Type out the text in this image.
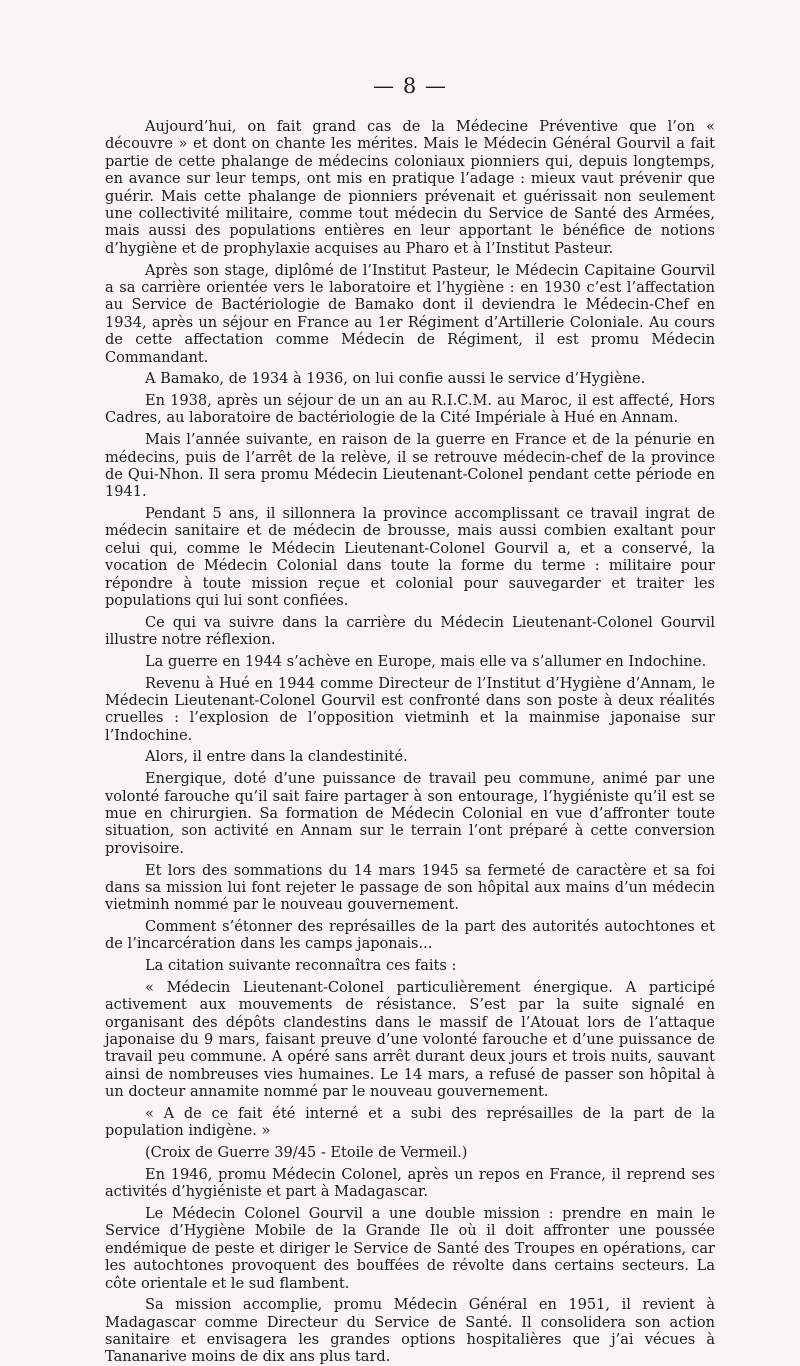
— 8 —

Aujourd’hui, on fait grand cas de la Médecine Préventive que l’on « découvre » et dont on chante les mérites. Mais le Médecin Général Gourvil a fait partie de cette phalange de médecins coloniaux pionniers qui, depuis longtemps, en avance sur leur temps, ont mis en pratique l’adage : mieux vaut prévenir que guérir. Mais cette phalange de pionniers prévenait et guérissait non seulement une collectivité militaire, comme tout médecin du Service de Santé des Armées, mais aussi des populations entières en leur apportant le bénéfice de notions d’hygiène et de prophylaxie acquises au Pharo et à l’Institut Pasteur.

Après son stage, diplômé de l’Institut Pasteur, le Médecin Capitaine Gourvil a sa carrière orientée vers le laboratoire et l’hygiène : en 1930 c’est l’affectation au Service de Bactériologie de Bamako dont il deviendra le Médecin-Chef en 1934, après un séjour en France au 1er Régiment d’Artillerie Coloniale. Au cours de cette affectation comme Médecin de Régiment, il est promu Médecin Commandant.

A Bamako, de 1934 à 1936, on lui confie aussi le service d’Hygiène.

En 1938, après un séjour de un an au R.I.C.M. au Maroc, il est affecté, Hors Cadres, au laboratoire de bactériologie de la Cité Impériale à Hué en Annam.

Mais l’année suivante, en raison de la guerre en France et de la pénurie en médecins, puis de l’arrêt de la relève, il se retrouve médecin-chef de la province de Qui-Nhon. Il sera promu Médecin Lieutenant-Colonel pendant cette période en 1941.

Pendant 5 ans, il sillonnera la province accomplissant ce travail ingrat de médecin sanitaire et de médecin de brousse, mais aussi combien exaltant pour celui qui, comme le Médecin Lieutenant-Colonel Gourvil a, et a conservé, la vocation de Médecin Colonial dans toute la forme du terme : militaire pour répondre à toute mission reçue et colonial pour sauvegarder et traiter les populations qui lui sont confiées.

Ce qui va suivre dans la carrière du Médecin Lieutenant-Colonel Gourvil illustre notre réflexion.

La guerre en 1944 s’achève en Europe, mais elle va s’allumer en Indochine.

Revenu à Hué en 1944 comme Directeur de l’Institut d’Hygiène d’Annam, le Médecin Lieutenant-Colonel Gourvil est confronté dans son poste à deux réalités cruelles : l’explosion de l’opposition vietminh et la mainmise japonaise sur l’Indochine.

Alors, il entre dans la clandestinité.

Energique, doté d’une puissance de travail peu commune, animé par une volonté farouche qu’il sait faire partager à son entourage, l’hygiéniste qu’il est se mue en chirurgien. Sa formation de Médecin Colonial en vue d’affronter toute situation, son activité en Annam sur le terrain l’ont préparé à cette conversion provisoire.

Et lors des sommations du 14 mars 1945 sa fermeté de caractère et sa foi dans sa mission lui font rejeter le passage de son hôpital aux mains d’un médecin vietminh nommé par le nouveau gouvernement.

Comment s’étonner des représailles de la part des autorités autochtones et de l’incarcération dans les camps japonais...

La citation suivante reconnaîtra ces faits :

« Médecin Lieutenant-Colonel particulièrement énergique. A participé activement aux mouvements de résistance. S’est par la suite signalé en organisant des dépôts clandestins dans le massif de l’Atouat lors de l’attaque japonaise du 9 mars, faisant preuve d’une volonté farouche et d’une puissance de travail peu commune. A opéré sans arrêt durant deux jours et trois nuits, sauvant ainsi de nombreuses vies humaines. Le 14 mars, a refusé de passer son hôpital à un docteur annamite nommé par le nouveau gouvernement.

« A de ce fait été interné et a subi des représailles de la part de la population indigène. »

(Croix de Guerre 39/45 - Etoile de Vermeil.)

En 1946, promu Médecin Colonel, après un repos en France, il reprend ses activités d’hygiéniste et part à Madagascar.

Le Médecin Colonel Gourvil a une double mission : prendre en main le Service d’Hygiène Mobile de la Grande Ile où il doit affronter une poussée endémique de peste et diriger le Service de Santé des Troupes en opérations, car les autochtones provoquent des bouffées de révolte dans certains secteurs. La côte orientale et le sud flambent.

Sa mission accomplie, promu Médecin Général en 1951, il revient à Madagascar comme Directeur du Service de Santé. Il consolidera son action sanitaire et envisagera les grandes options hospitalières que j’ai vécues à Tananarive moins de dix ans plus tard.
